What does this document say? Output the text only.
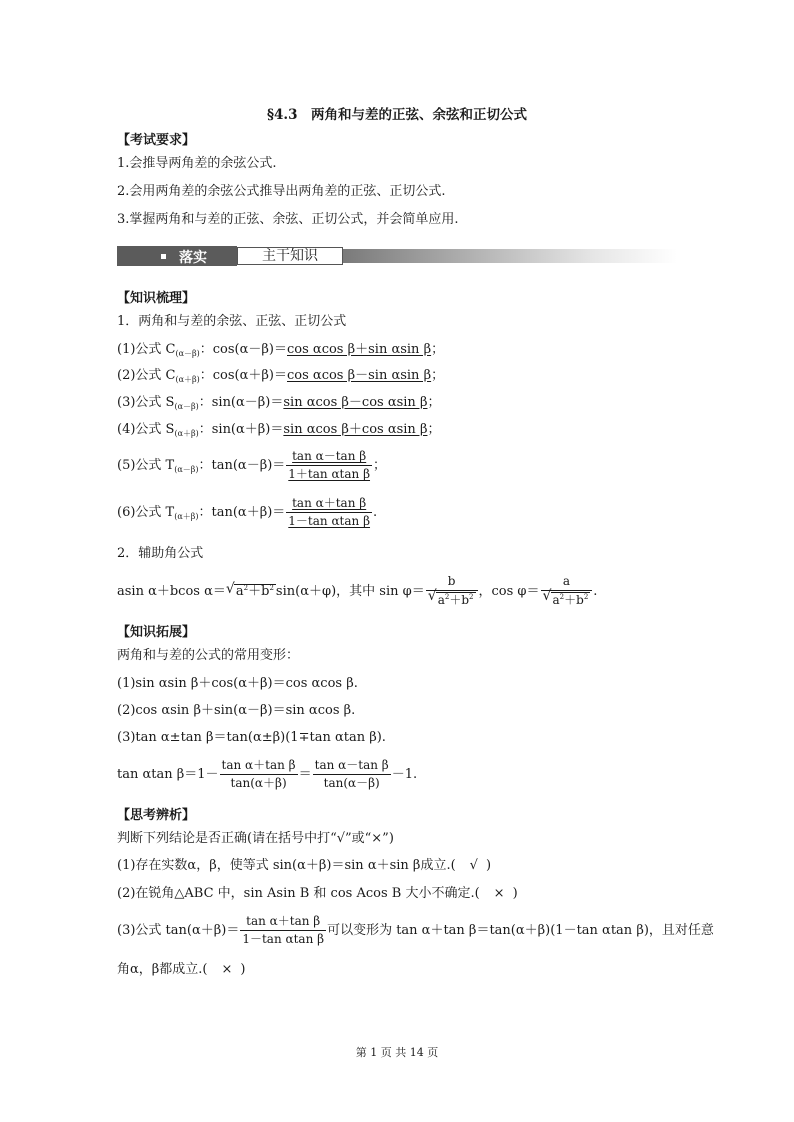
§4.3　两角和与差的正弦、余弦和正切公式
【考试要求】
1.会推导两角差的余弦公式.
2.会用两角差的余弦公式推导出两角差的正弦、正切公式.
3.掌握两角和与差的正弦、余弦、正切公式，并会简单应用.
落实	主干知识
【知识梳理】
1．两角和与差的余弦、正弦、正切公式
(1)公式 $C_{(\alpha-\beta)}$：cos(α－β)＝cos αcos β＋sin αsin β；
(2)公式 $C_{(\alpha+\beta)}$：cos(α＋β)＝cos αcos β－sin αsin β；
(3)公式 $S_{(\alpha-\beta)}$：sin(α－β)＝sin αcos β－cos αsin β；
(4)公式 $S_{(\alpha+\beta)}$：sin(α＋β)＝sin αcos β＋cos αsin β；
(5)公式 $T_{(\alpha-\beta)}$：$\tan(\alpha-\beta)= \frac{\text{tan α－tan β}}{\text{1＋tan αtan β}}$ ；
(6)公式 $T_{(\alpha+\beta)}$：$\tan(\alpha+\beta)= \frac{\text{tan α＋tan β}}{\text{1－tan αtan β}}$ .
2．辅助角公式
asin α＋bcos α＝ √ $a^2+b^2$ sin(α＋φ)，其中 $\sin \varphi= \frac{b}{√ a^2+b^2}$ ，$\cos \varphi= \frac{a}{√ a^2+b^2}$ .
【知识拓展】
两角和与差的公式的常用变形：
(1)sin αsin β＋cos(α＋β)＝cos αcos β.
(2)cos αsin β＋sin(α－β)＝sin αcos β.
(3)tan α±tan β＝tan(α±β)(1∓tan αtan β).
tan αtan $\beta=1- \frac{\text{tan α＋tan β}}{\tan(\alpha+\beta)} = \frac{\text{tan α－tan β}}{\tan(\alpha-\beta)} -1$.
【思考辨析】
判断下列结论是否正确(请在括号中打“√”或“×”)
(1)存在实数α，β，使等式 sin(α＋β)＝sin α＋sin β成立.( √ )
(2)在锐角△ABC 中，sin Asin B 和 cos Acos B 大小不确定.( × )
(3)公式 $\tan(\alpha+\beta)= \frac{\text{tan α＋tan β}}{\text{1－tan αtan β}}$ 可以变形为 tan α＋tan β＝tan(α＋β)(1－tan αtan β)，且对任意
角α，β都成立.( × )
第 1 页 共 14 页
